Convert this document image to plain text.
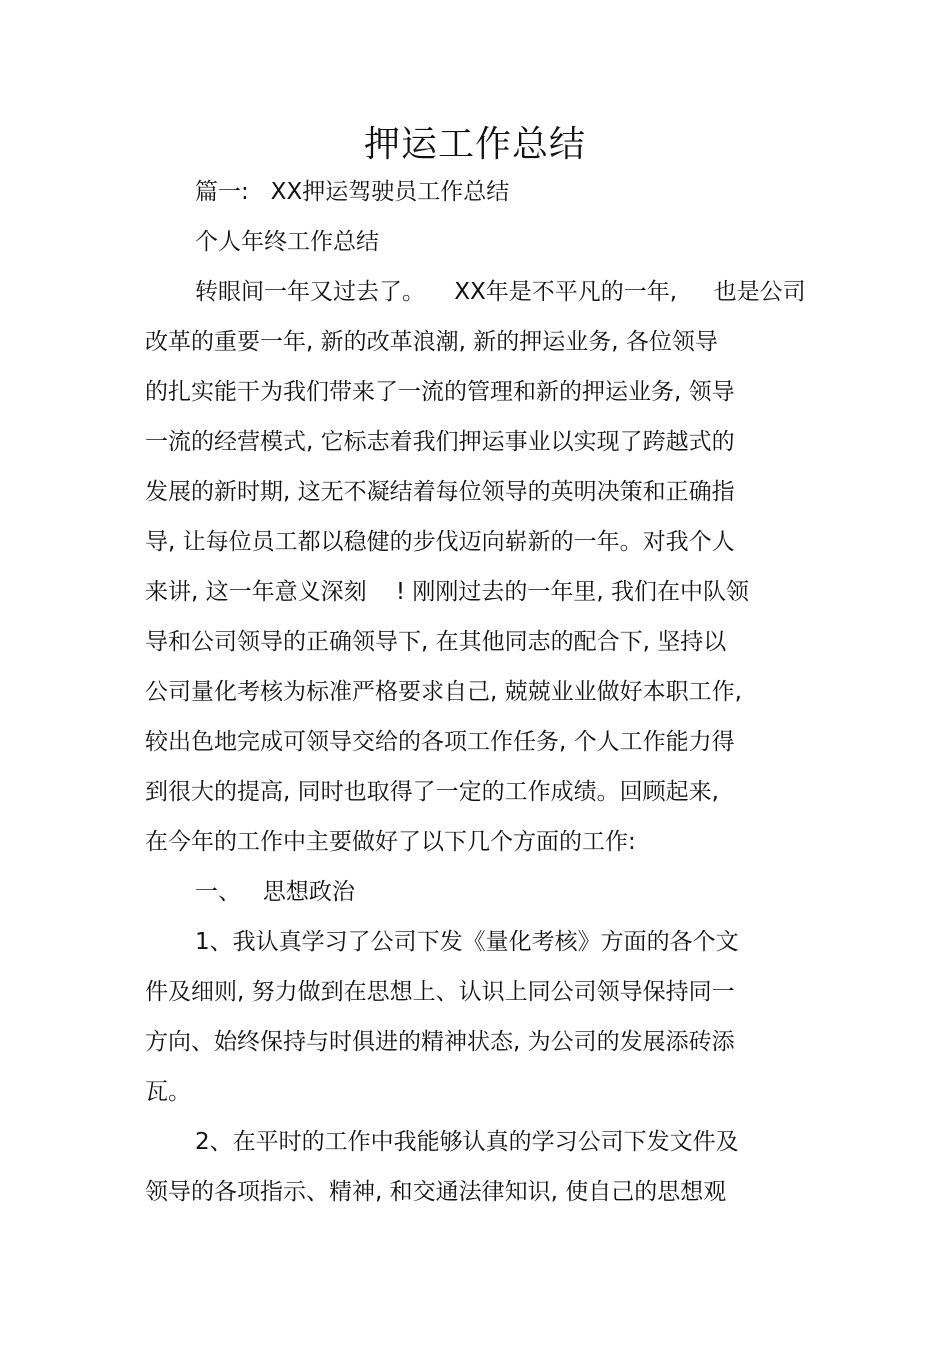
押运工作总结
篇一:   XX押运驾驶员工作总结
个人年终工作总结
转眼间一年又过去了。    XX年是不平凡的一年,     也是公司
改革的重要一年, 新的改革浪潮, 新的押运业务, 各位领导
的扎实能干为我们带来了一流的管理和新的押运业务, 领导
一流的经营模式, 它标志着我们押运事业以实现了跨越式的
发展的新时期, 这无不凝结着每位领导的英明决策和正确指
导, 让每位员工都以稳健的步伐迈向崭新的一年。对我个人
来讲, 这一年意义深刻    ! 刚刚过去的一年里, 我们在中队领
导和公司领导的正确领导下, 在其他同志的配合下, 坚持以
公司量化考核为标准严格要求自己, 兢兢业业做好本职工作,
较出色地完成可领导交给的各项工作任务, 个人工作能力得
到很大的提高, 同时也取得了一定的工作成绩。回顾起来,
在今年的工作中主要做好了以下几个方面的工作:
一、   思想政治
1、我认真学习了公司下发《量化考核》方面的各个文
件及细则, 努力做到在思想上、认识上同公司领导保持同一
方向、始终保持与时俱进的精神状态, 为公司的发展添砖添
瓦。
2、在平时的工作中我能够认真的学习公司下发文件及
领导的各项指示、精神, 和交通法律知识, 使自己的思想观
